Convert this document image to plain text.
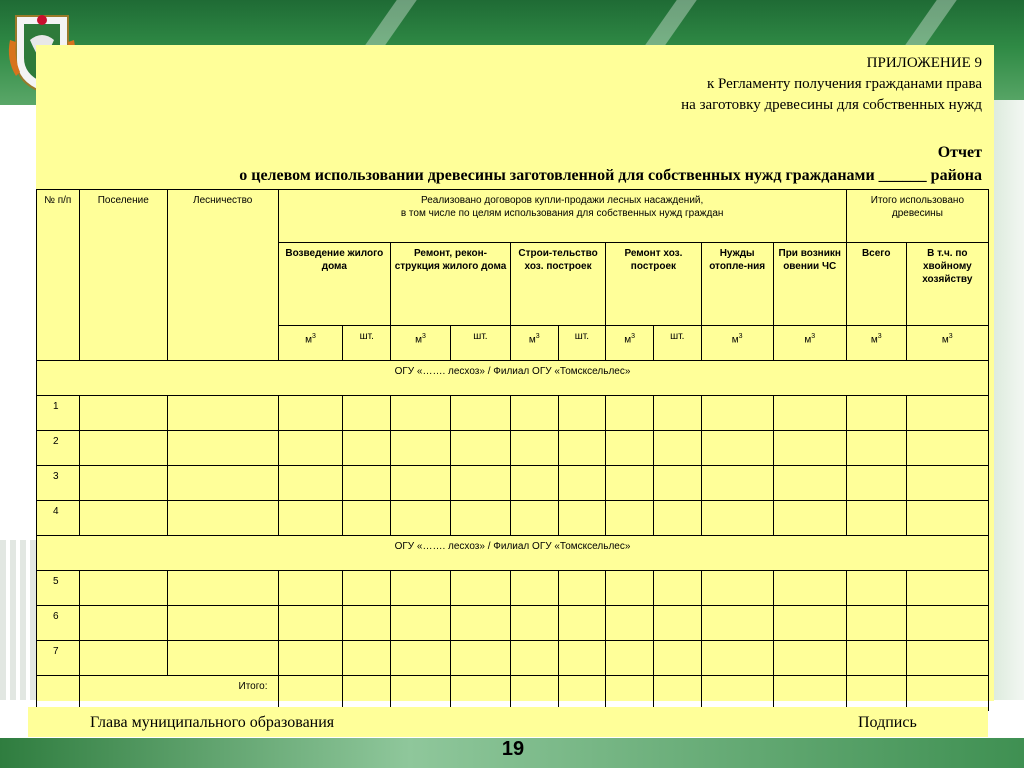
ПРИЛОЖЕНИЕ 9
к Регламенту получения гражданами права
на заготовку древесины для собственных нужд
Отчет
о целевом использовании древесины заготовленной для собственных нужд гражданами ______ района
№ п/п	Поселение	Лесничество	Реализовано договоров купли-продажи лесных насаждений,
в том числе по целям использования для собственных нужд граждан										Итого использовано древесины	
			Возведение жилого дома		Ремонт, рекон-струкция жилого дома		Строи-тельство хоз. построек		Ремонт хоз. построек		Нужды отопле-ния	При возникн овении ЧС	Всего	В т.ч. по хвойному хозяйству
			$м^3$	шт.	$м^3$	шт.	$м^3$	шт.	$м^3$	шт.	$м^3$	$м^3$	$м^3$	$м^3$
ОГУ «……. лесхоз» / Филиал ОГУ «Томсксельлес»														
1														
2														
3														
4														
ОГУ «……. лесхоз» / Филиал ОГУ «Томсксельлес»														
5														
6														
7														
	Итого:													
Глава муниципального образования	Подпись
19
